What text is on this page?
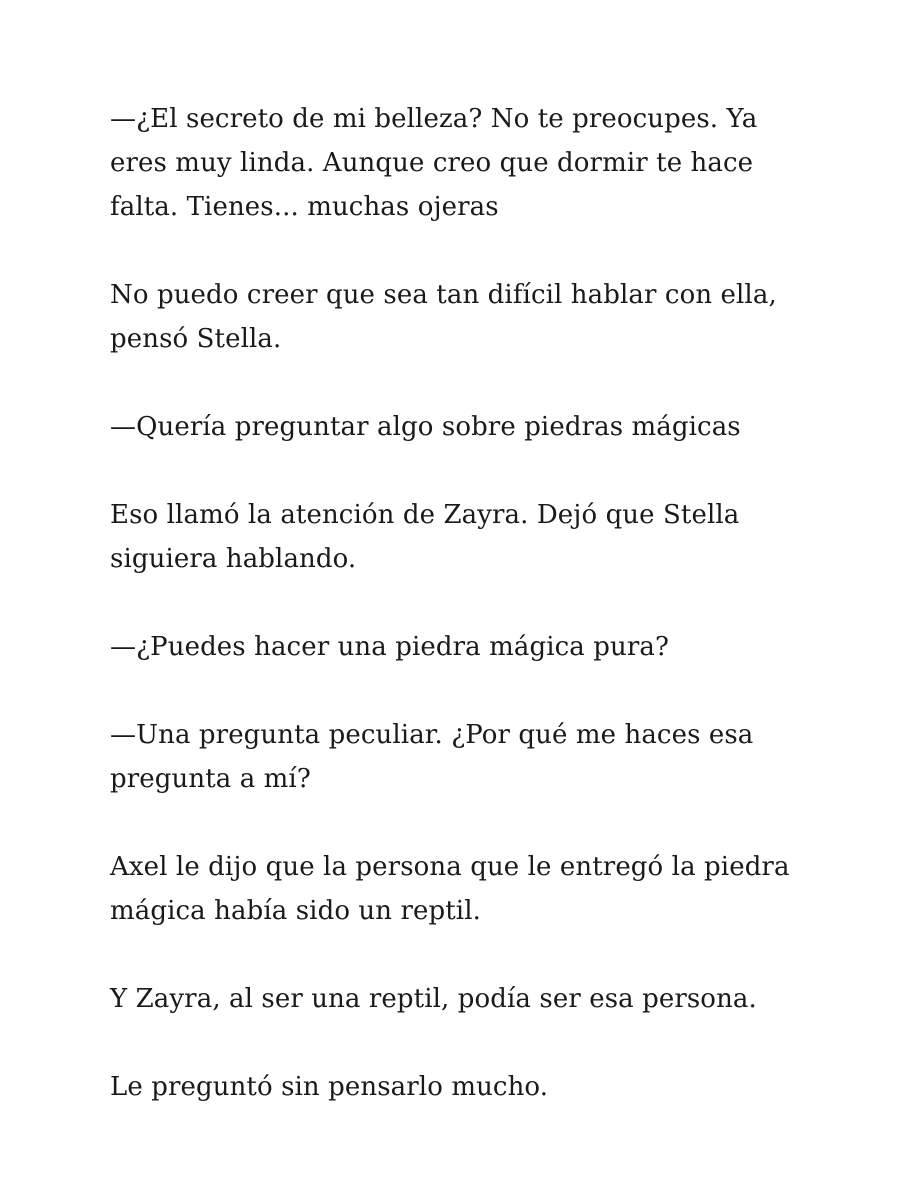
—¿El secreto de mi belleza? No te preocupes. Ya eres muy linda. Aunque creo que dormir te hace falta. Tienes... muchas ojeras

No puedo creer que sea tan difícil hablar con ella, pensó Stella.

—Quería preguntar algo sobre piedras mágicas

Eso llamó la atención de Zayra. Dejó que Stella siguiera hablando.

—¿Puedes hacer una piedra mágica pura?

—Una pregunta peculiar. ¿Por qué me haces esa pregunta a mí?

Axel le dijo que la persona que le entregó la piedra mágica había sido un reptil.

Y Zayra, al ser una reptil, podía ser esa persona.

Le preguntó sin pensarlo mucho.
